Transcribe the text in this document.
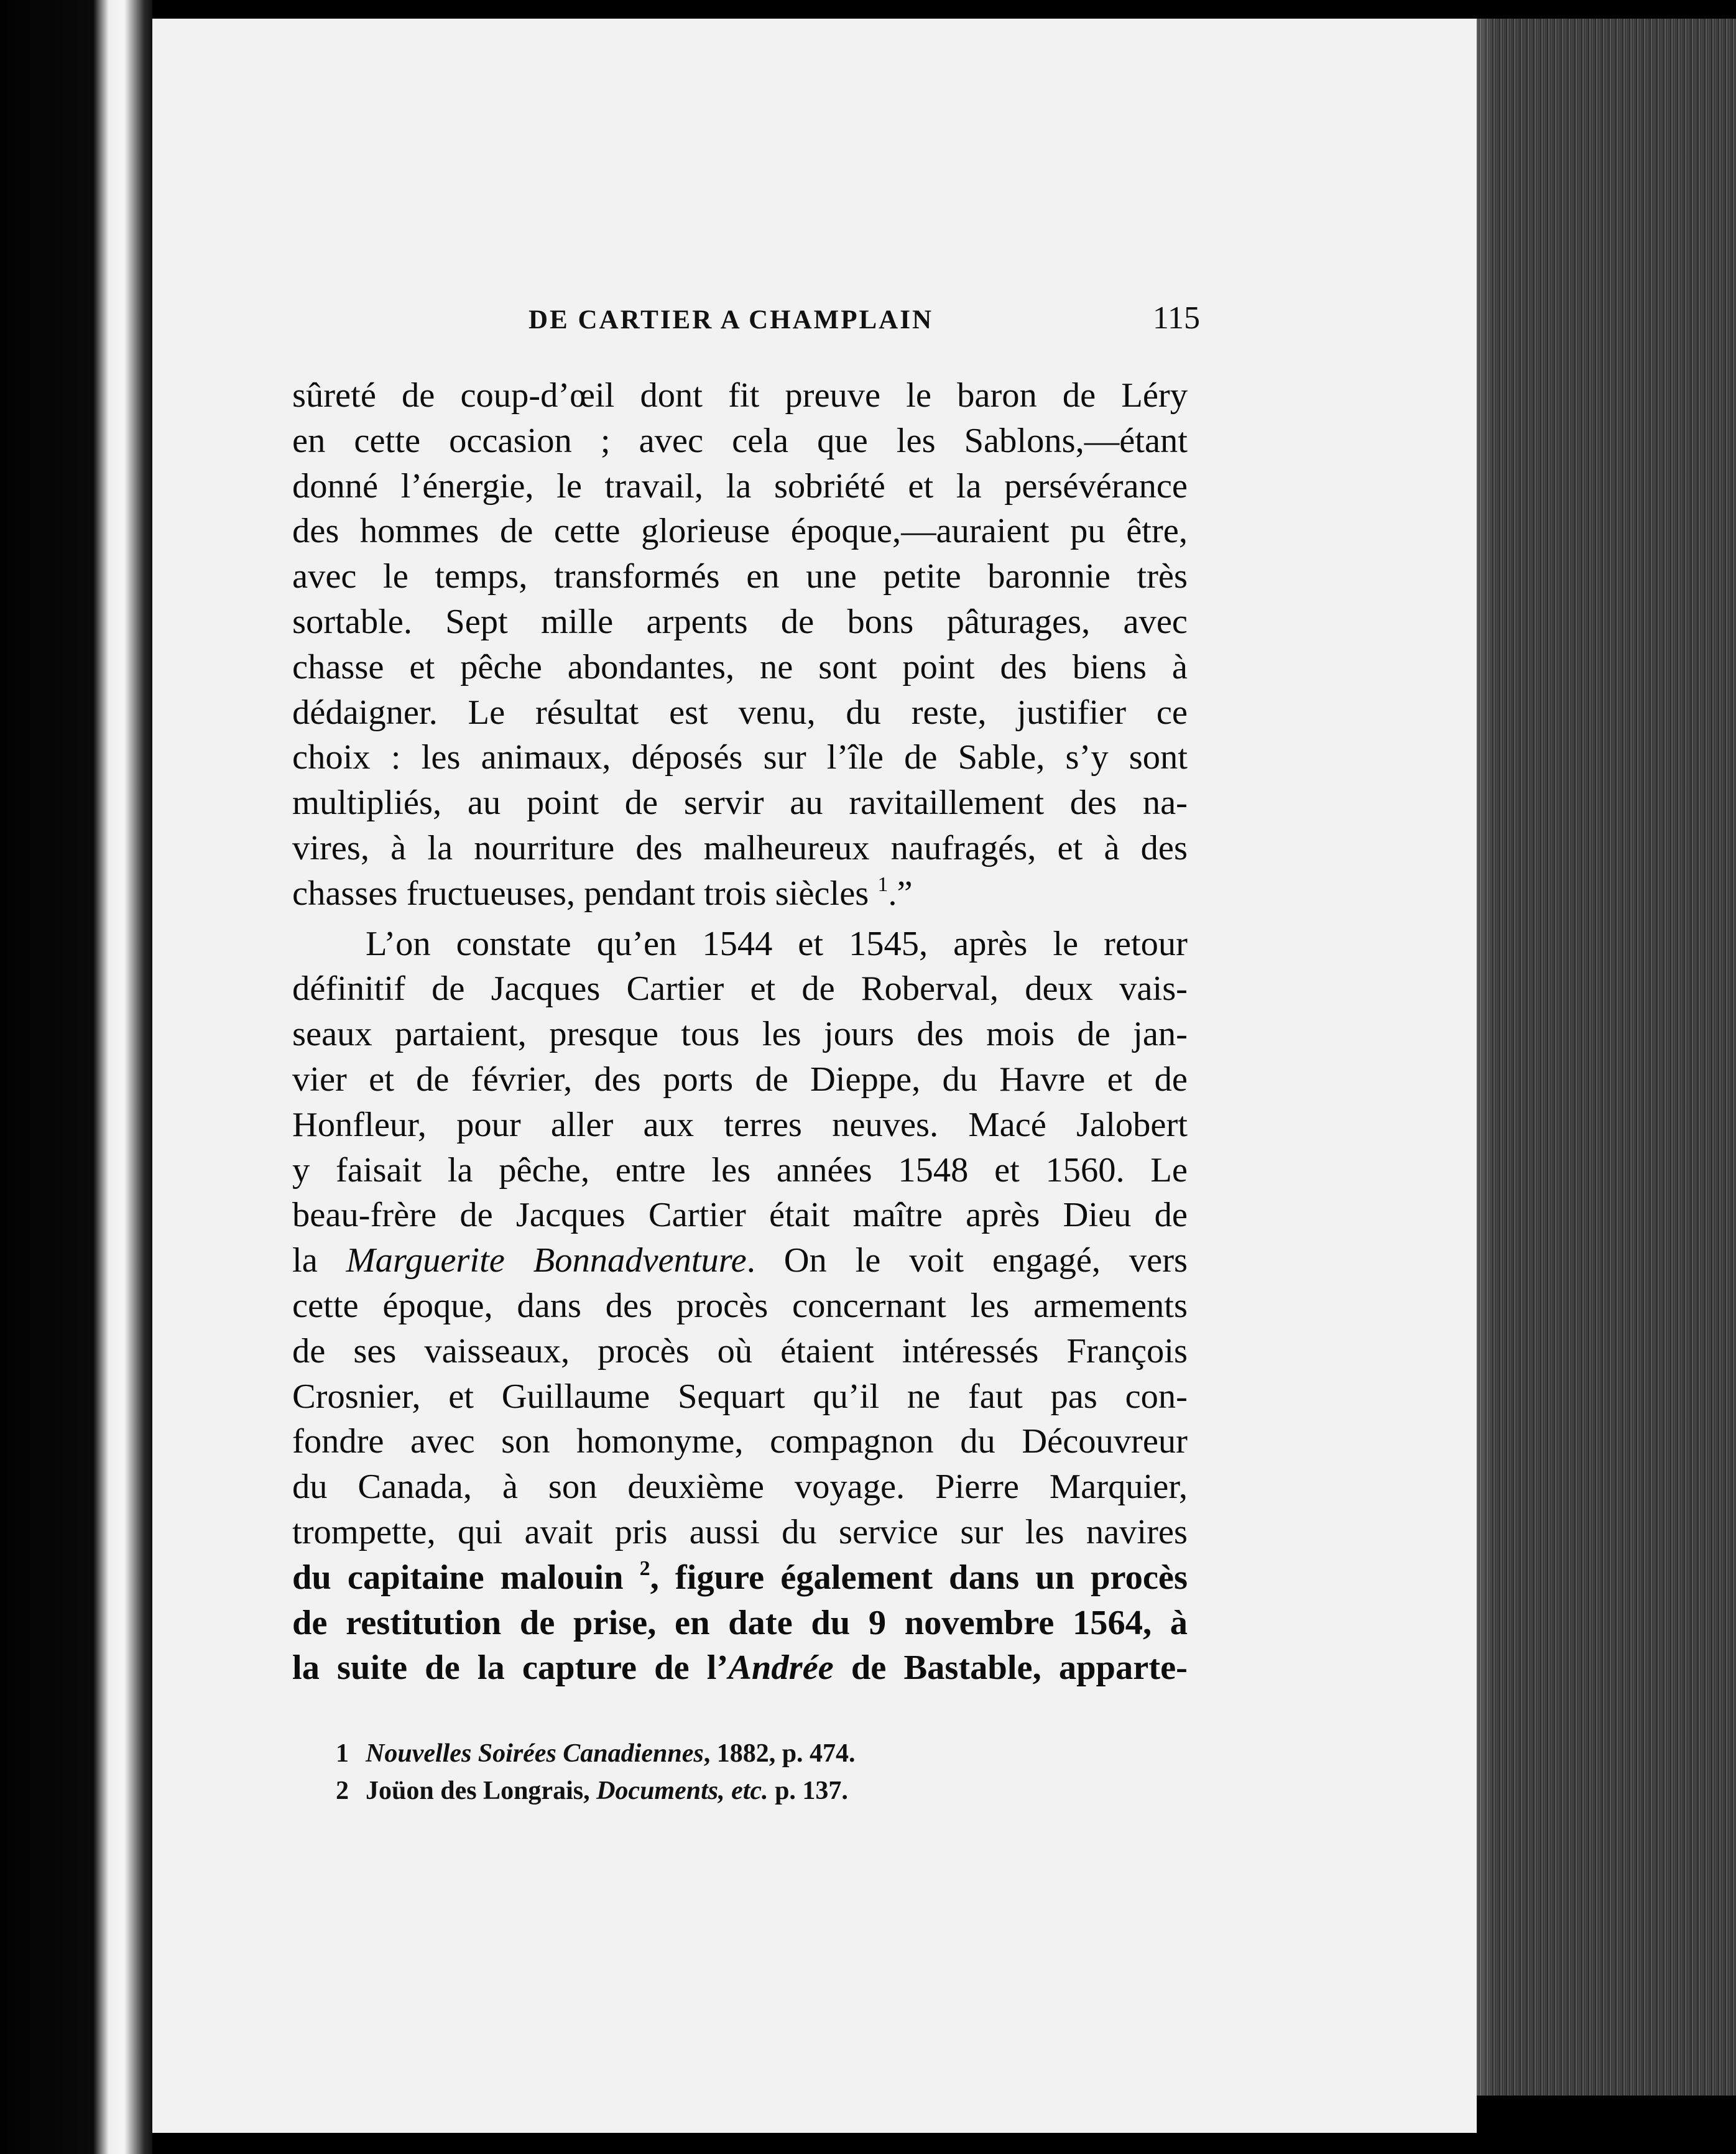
DE CARTIER A CHAMPLAIN	115
sûreté de coup-d’œil dont fit preuve le baron de Léry
en cette occasion ; avec cela que les Sablons,—étant
donné l’énergie, le travail, la sobriété et la persévérance
des hommes de cette glorieuse époque,—auraient pu être,
avec le temps, transformés en une petite baronnie très
sortable. Sept mille arpents de bons pâturages, avec
chasse et pêche abondantes, ne sont point des biens à
dédaigner. Le résultat est venu, du reste, justifier ce
choix : les animaux, déposés sur l’île de Sable, s’y sont
multipliés, au point de servir au ravitaillement des na-
vires, à la nourriture des malheureux naufragés, et à des
chasses fructueuses, pendant trois siècles $^1$.”
L’on constate qu’en 1544 et 1545, après le retour
définitif de Jacques Cartier et de Roberval, deux vais-
seaux partaient, presque tous les jours des mois de jan-
vier et de février, des ports de Dieppe, du Havre et de
Honfleur, pour aller aux terres neuves. Macé Jalobert
y faisait la pêche, entre les années 1548 et 1560. Le
beau-frère de Jacques Cartier était maître après Dieu de
la Marguerite Bonnadventure. On le voit engagé, vers
cette époque, dans des procès concernant les armements
de ses vaisseaux, procès où étaient intéressés François
Crosnier, et Guillaume Sequart qu’il ne faut pas con-
fondre avec son homonyme, compagnon du Découvreur
du Canada, à son deuxième voyage. Pierre Marquier,
trompette, qui avait pris aussi du service sur les navires
du capitaine malouin $^2$, figure également dans un procès
de restitution de prise, en date du 9 novembre 1564, à
la suite de la capture de l’Andrée de Bastable, apparte-
1 Nouvelles Soirées Canadiennes, 1882, p. 474.
2 Joüon des Longrais, Documents, etc. p. 137.
